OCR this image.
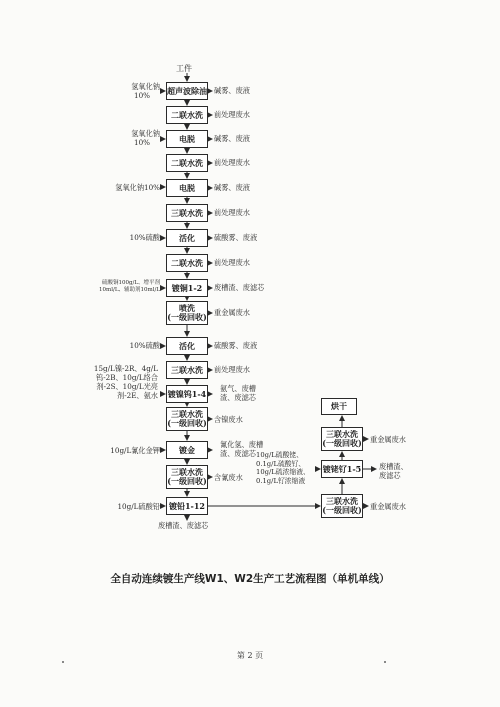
工件
超声波除油
二联水洗
电脱
二联水洗
电脱
三联水洗
活化
二联水洗
镀铜1-2
喷洗
(一级回收)
活化
三联水洗
镀镍钨1-4
三联水洗
(一级回收)
镀金
三联水洗
(一级回收)
镀铅1-12
碱雾、废液
前处理废水
碱雾、废液
前处理废水
碱雾、废液
前处理废水
硫酸雾、废液
前处理废水
废槽渣、废滤芯
重金属废水
硫酸雾、废液
前处理废水
氨气、废槽
渣、废滤芯
含镍废水
氰化氢、废槽
渣、废滤芯
含氰废水
氢氧化钠
10%
氢氧化钠
10%
氢氧化钠10%
10%硫酸
硫酸铜100g/L、增平剂
10ml/L、辅助剂10ml/L
10%硫酸
15g/L镍-2R、4g/L
钨-2B、10g/L络合
剂-2S、10g/L光亮
剂-2E、氨水
10g/L氰化金钾
10g/L硫酸铅
废槽渣、废滤芯
烘干
三联水洗
(一级回收)
镀铑钌1-5
三联水洗
(一级回收)
重金属废水
废槽渣、
废滤芯
重金属废水
10g/L硫酸铑、
0.1g/L硫酸钌、
10g/L硫浓缩液、
0.1g/L钌浓缩液
全自动连续镀生产线W1、W2生产工艺流程图（单机单线）
第 2 页
